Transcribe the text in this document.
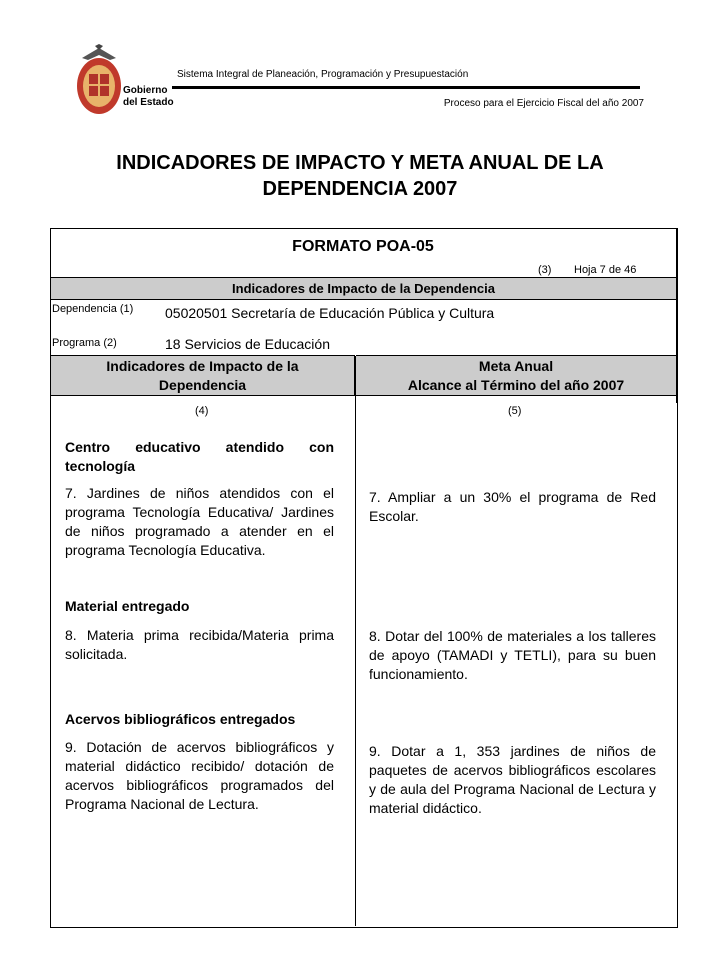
Gobierno
del Estado
Sistema Integral de Planeación, Programación y Presupuestación
Proceso para el Ejercicio Fiscal del año 2007
INDICADORES DE IMPACTO Y META ANUAL DE LA
DEPENDENCIA 2007
FORMATO POA-05
(3) Hoja 7 de 46
Indicadores de Impacto de la Dependencia
Dependencia (1) 05020501 Secretaría de Educación Pública y Cultura
Programa (2)	18 Servicios de Educación
Indicadores de Impacto de la
Dependencia
Meta Anual
Alcance al Término del año 2007
(4)	(5)
Centro educativo atendido con tecnología
7. Jardines de niños atendidos con el programa Tecnología Educativa/ Jardines de niños programado a atender en el programa Tecnología Educativa.
7. Ampliar a un 30% el programa de Red Escolar.
Material entregado
8. Materia prima recibida/Materia prima solicitada.
8. Dotar del 100% de materiales a los talleres de apoyo (TAMADI y TETLI), para su buen funcionamiento.
Acervos bibliográficos entregados
9. Dotación de acervos bibliográficos y material didáctico recibido/ dotación de acervos bibliográficos programados del Programa Nacional de Lectura.
9. Dotar a 1, 353 jardines de niños de paquetes de acervos bibliográficos escolares y de aula del Programa Nacional de Lectura y material didáctico.
